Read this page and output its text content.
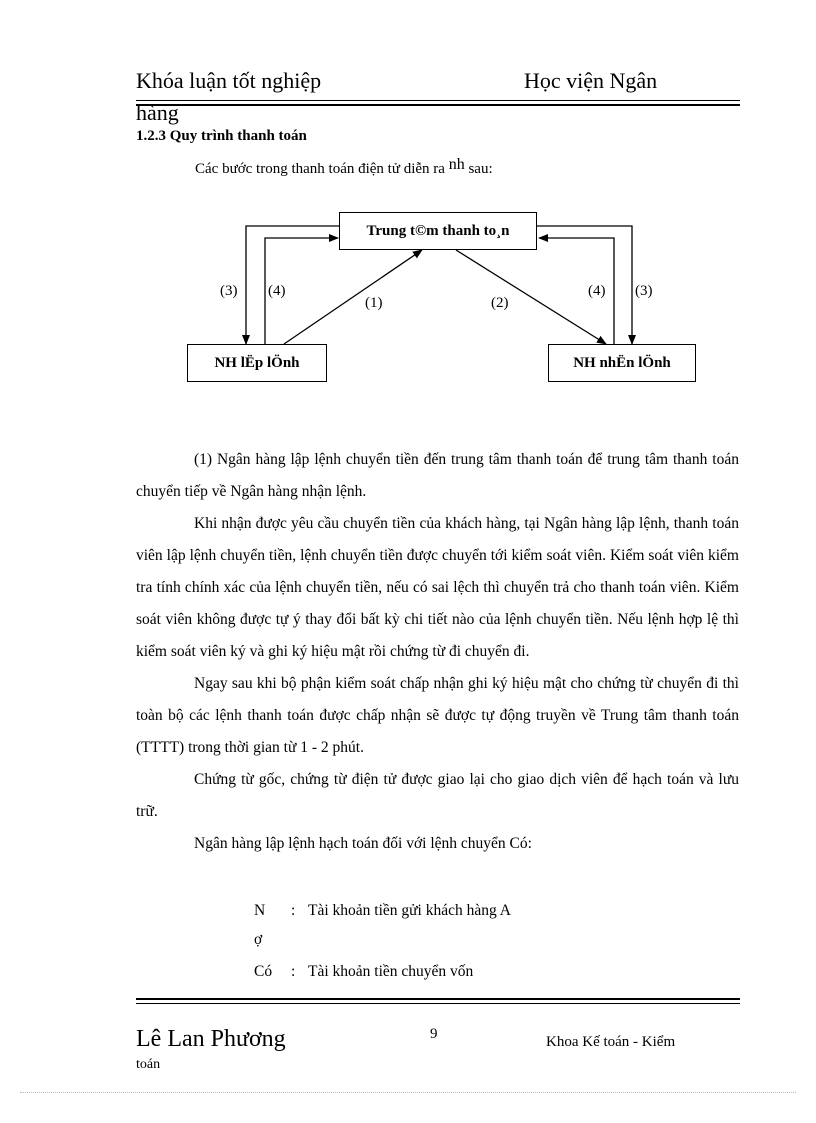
Khóa luận tốt nghiệp	Học viện Ngân
hàng
1.2.3 Quy trình thanh toán
Các bước trong thanh toán điện tử diễn ra nh sau:
Trung t©m thanh to¸n
NH lËp lÖnh	NH nhËn lÖnh
(3) (4)
(1)	(2)
(4) (3)

(1) Ngân hàng lập lệnh chuyển tiền đến trung tâm thanh toán để trung tâm thanh toán chuyển tiếp về Ngân hàng nhận lệnh.

Khi nhận được yêu cầu chuyển tiền của khách hàng, tại Ngân hàng lập lệnh, thanh toán viên lập lệnh chuyển tiền, lệnh chuyển tiền được chuyển tới kiểm soát viên. Kiểm soát viên kiểm tra tính chính xác của lệnh chuyển tiền, nếu có sai lệch thì chuyển trả cho thanh toán viên. Kiểm soát viên không được tự ý thay đổi bất kỳ chi tiết nào của lệnh chuyển tiền. Nếu lệnh hợp lệ thì kiểm soát viên ký và ghi ký hiệu mật rồi chứng từ đi chuyển đi.

Ngay sau khi bộ phận kiểm soát chấp nhận ghi ký hiệu mật cho chứng từ chuyển đi thì toàn bộ các lệnh thanh toán được chấp nhận sẽ được tự động truyền về Trung tâm thanh toán (TTTT) trong thời gian từ 1 - 2 phút.

Chứng từ gốc, chứng từ điện tử được giao lại cho giao dịch viên để hạch toán và lưu trữ.

Ngân hàng lập lệnh hạch toán đối với lệnh chuyển Có:

N : Tài khoản tiền gửi khách hàng A
ợ
Có : Tài khoản tiền chuyển vốn
Lê Lan Phương
toán
9	Khoa Kế toán - Kiểm
